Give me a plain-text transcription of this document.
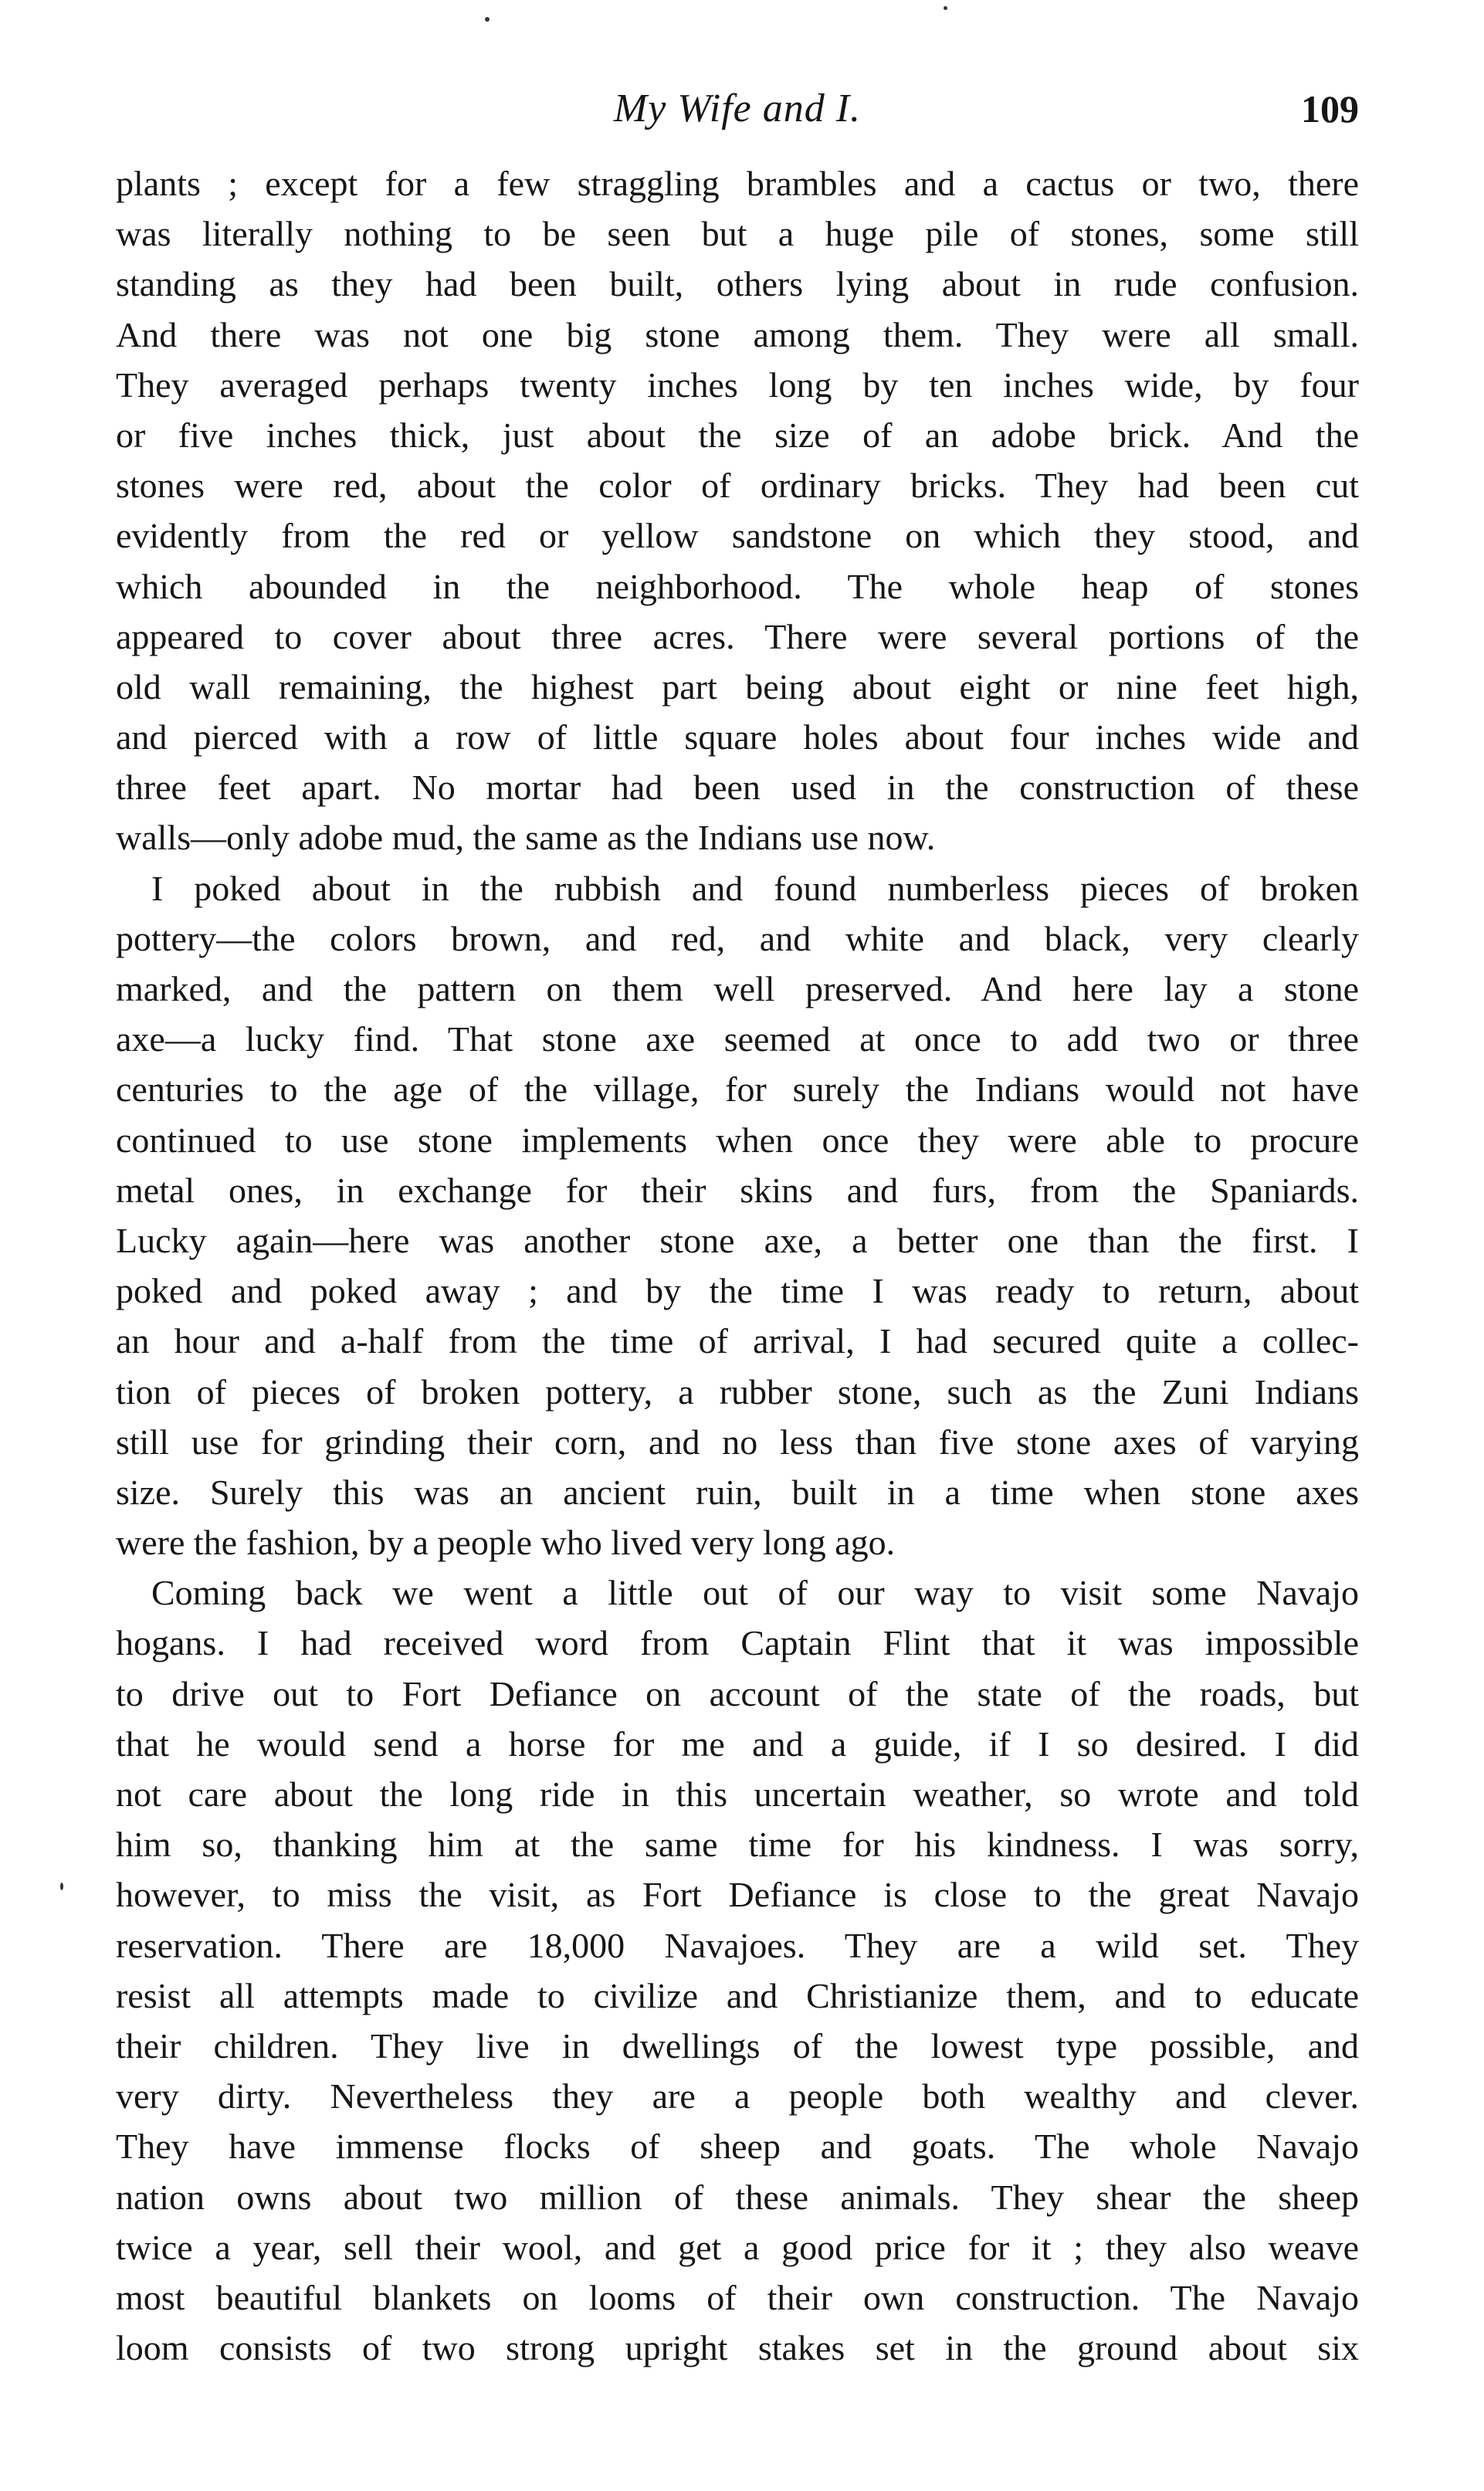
My Wife and I.	109
plants ; except for a few straggling brambles and a cactus or two, there
was literally nothing to be seen but a huge pile of stones, some still
standing as they had been built, others lying about in rude confusion.
And there was not one big stone among them. They were all small.
They averaged perhaps twenty inches long by ten inches wide, by four
or five inches thick, just about the size of an adobe brick. And the
stones were red, about the color of ordinary bricks. They had been cut
evidently from the red or yellow sandstone on which they stood, and
which abounded in the neighborhood. The whole heap of stones
appeared to cover about three acres. There were several portions of the
old wall remaining, the highest part being about eight or nine feet high,
and pierced with a row of little square holes about four inches wide and
three feet apart. No mortar had been used in the construction of these
walls—only adobe mud, the same as the Indians use now.
I poked about in the rubbish and found numberless pieces of broken
pottery—the colors brown, and red, and white and black, very clearly
marked, and the pattern on them well preserved. And here lay a stone
axe—a lucky find. That stone axe seemed at once to add two or three
centuries to the age of the village, for surely the Indians would not have
continued to use stone implements when once they were able to procure
metal ones, in exchange for their skins and furs, from the Spaniards.
Lucky again—here was another stone axe, a better one than the first. I
poked and poked away ; and by the time I was ready to return, about
an hour and a-half from the time of arrival, I had secured quite a collec-
tion of pieces of broken pottery, a rubber stone, such as the Zuni Indians
still use for grinding their corn, and no less than five stone axes of varying
size. Surely this was an ancient ruin, built in a time when stone axes
were the fashion, by a people who lived very long ago.
Coming back we went a little out of our way to visit some Navajo
hogans. I had received word from Captain Flint that it was impossible
to drive out to Fort Defiance on account of the state of the roads, but
that he would send a horse for me and a guide, if I so desired. I did
not care about the long ride in this uncertain weather, so wrote and told
him so, thanking him at the same time for his kindness. I was sorry,
however, to miss the visit, as Fort Defiance is close to the great Navajo
reservation. There are 18,000 Navajoes. They are a wild set. They
resist all attempts made to civilize and Christianize them, and to educate
their children. They live in dwellings of the lowest type possible, and
very dirty. Nevertheless they are a people both wealthy and clever.
They have immense flocks of sheep and goats. The whole Navajo
nation owns about two million of these animals. They shear the sheep
twice a year, sell their wool, and get a good price for it ; they also weave
most beautiful blankets on looms of their own construction. The Navajo
loom consists of two strong upright stakes set in the ground about six
